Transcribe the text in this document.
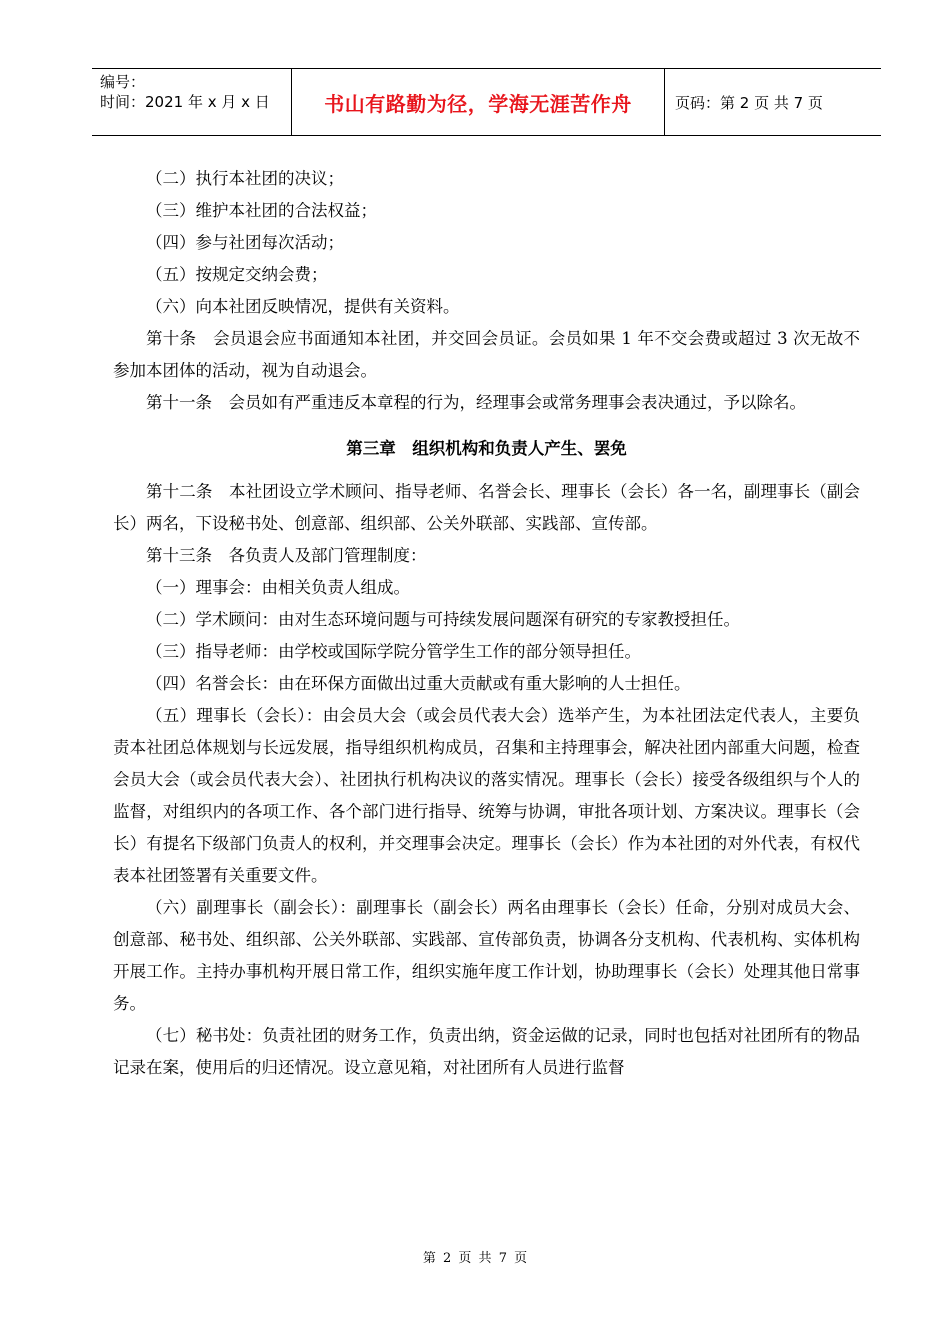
编号：
时间：2021 年 x 月 x 日	书山有路勤为径，学海无涯苦作舟	页码：第 2 页 共 7 页

（二）执行本社团的决议；

（三）维护本社团的合法权益；

（四）参与社团每次活动；

（五）按规定交纳会费；

（六）向本社团反映情况，提供有关资料。

第十条　会员退会应书面通知本社团，并交回会员证。会员如果 1 年不交会费或超过 3 次无故不参加本团体的活动，视为自动退会。

第十一条　会员如有严重违反本章程的行为，经理事会或常务理事会表决通过，予以除名。

第三章　组织机构和负责人产生、罢免

第十二条　本社团设立学术顾问、指导老师、名誉会长、理事长（会长）各一名，副理事长（副会长）两名，下设秘书处、创意部、组织部、公关外联部、实践部、宣传部。

第十三条　各负责人及部门管理制度：

（一）理事会：由相关负责人组成。

（二）学术顾问：由对生态环境问题与可持续发展问题深有研究的专家教授担任。

（三）指导老师：由学校或国际学院分管学生工作的部分领导担任。

（四）名誉会长：由在环保方面做出过重大贡献或有重大影响的人士担任。

（五）理事长（会长）：由会员大会（或会员代表大会）选举产生，为本社团法定代表人，主要负责本社团总体规划与长远发展，指导组织机构成员，召集和主持理事会，解决社团内部重大问题，检查会员大会（或会员代表大会）、社团执行机构决议的落实情况。理事长（会长）接受各级组织与个人的监督，对组织内的各项工作、各个部门进行指导、统筹与协调，审批各项计划、方案决议。理事长（会长）有提名下级部门负责人的权利，并交理事会决定。理事长（会长）作为本社团的对外代表，有权代表本社团签署有关重要文件。

（六）副理事长（副会长）：副理事长（副会长）两名由理事长（会长）任命，分别对成员大会、创意部、秘书处、组织部、公关外联部、实践部、宣传部负责，协调各分支机构、代表机构、实体机构开展工作。主持办事机构开展日常工作，组织实施年度工作计划，协助理事长（会长）处理其他日常事务。

（七）秘书处：负责社团的财务工作，负责出纳，资金运做的记录，同时也包括对社团所有的物品记录在案，使用后的归还情况。设立意见箱，对社团所有人员进行监督

第 2 页 共 7 页
